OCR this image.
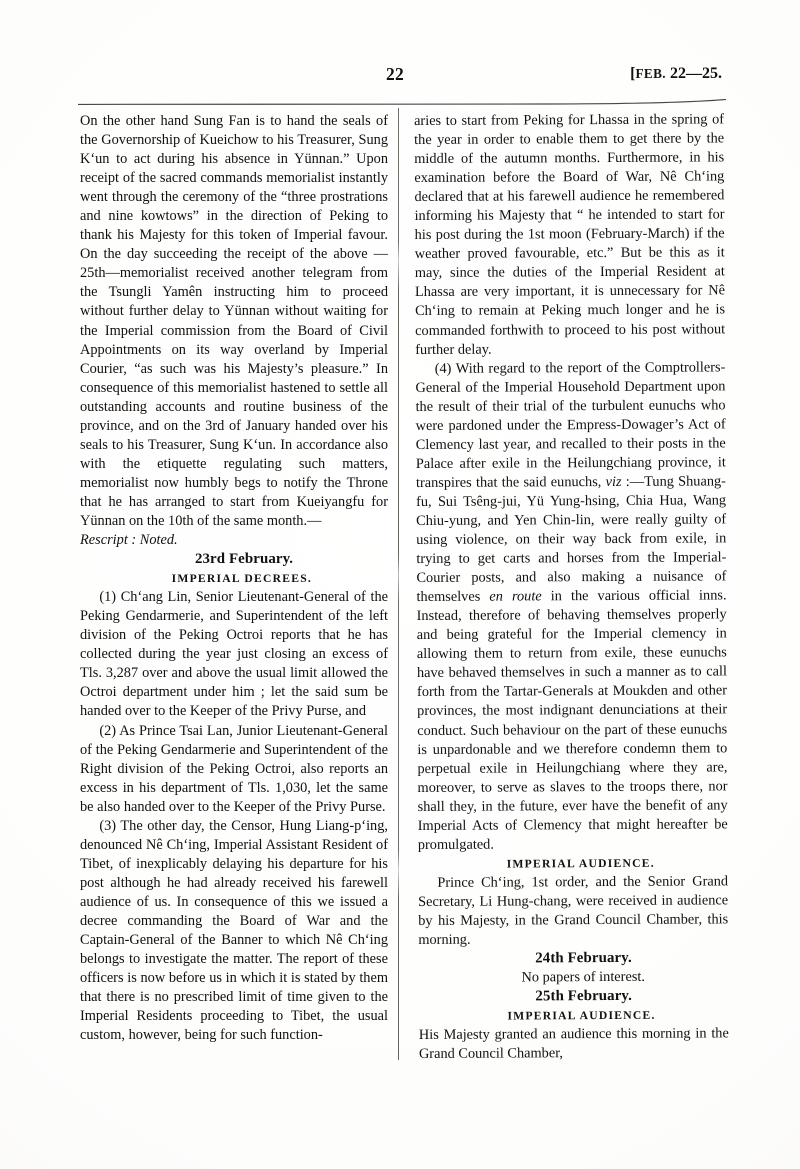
22	[FEB. 22—25.

On the other hand Sung Fan is to hand the seals of the Governorship of Kueichow to his Treasurer, Sung K‘un to act during his absence in Yünnan.” Upon receipt of the sacred commands memorialist instantly went through the ceremony of the “three prostrations and nine kowtows” in the direction of Peking to thank his Majesty for this token of Imperial favour. On the day succeeding the receipt of the above —25th—memorialist received another telegram from the Tsungli Yamên instructing him to proceed without further delay to Yünnan without waiting for the Imperial commission from the Board of Civil Appointments on its way overland by Imperial Courier, “as such was his Majesty’s pleasure.” In consequence of this memorialist hastened to settle all outstanding accounts and routine business of the province, and on the 3rd of January handed over his seals to his Treasurer, Sung K‘un. In accordance also with the etiquette regulating such matters, memorialist now humbly begs to notify the Throne that he has arranged to start from Kueiyangfu for Yünnan on the 10th of the same month.—

Rescript : Noted.

23rd February.

IMPERIAL DECREES.

(1) Ch‘ang Lin, Senior Lieutenant-General of the Peking Gendarmerie, and Superintendent of the left division of the Peking Octroi reports that he has collected during the year just closing an excess of Tls. 3,287 over and above the usual limit allowed the Octroi department under him ; let the said sum be handed over to the Keeper of the Privy Purse, and

(2) As Prince Tsai Lan, Junior Lieutenant-General of the Peking Gendarmerie and Superintendent of the Right division of the Peking Octroi, also reports an excess in his department of Tls. 1,030, let the same be also handed over to the Keeper of the Privy Purse.

(3) The other day, the Censor, Hung Liang-p‘ing, denounced Nê Ch‘ing, Imperial Assistant Resident of Tibet, of inexplicably delaying his departure for his post although he had already received his farewell audience of us. In consequence of this we issued a decree commanding the Board of War and the Captain-General of the Banner to which Nê Ch‘ing belongs to investigate the matter. The report of these officers is now before us in which it is stated by them that there is no prescribed limit of time given to the Imperial Residents proceeding to Tibet, the usual custom, however, being for such function-

aries to start from Peking for Lhassa in the spring of the year in order to enable them to get there by the middle of the autumn months. Furthermore, in his examination before the Board of War, Nê Ch‘ing declared that at his farewell audience he remembered informing his Majesty that “ he intended to start for his post during the 1st moon (February-March) if the weather proved favourable, etc.” But be this as it may, since the duties of the Imperial Resident at Lhassa are very important, it is unnecessary for Nê Ch‘ing to remain at Peking much longer and he is commanded forthwith to proceed to his post without further delay.

(4) With regard to the report of the Comptrollers-General of the Imperial Household Department upon the result of their trial of the turbulent eunuchs who were pardoned under the Empress-Dowager’s Act of Clemency last year, and recalled to their posts in the Palace after exile in the Heilungchiang province, it transpires that the said eunuchs, viz :—Tung Shuang-fu, Sui Tsêng-jui, Yü Yung-hsing, Chia Hua, Wang Chiu-yung, and Yen Chin-lin, were really guilty of using violence, on their way back from exile, in trying to get carts and horses from the Imperial-Courier posts, and also making a nuisance of themselves en route in the various official inns. Instead, therefore of behaving themselves properly and being grateful for the Imperial clemency in allowing them to return from exile, these eunuchs have behaved themselves in such a manner as to call forth from the Tartar-Generals at Moukden and other provinces, the most indignant denunciations at their conduct. Such behaviour on the part of these eunuchs is unpardonable and we therefore condemn them to perpetual exile in Heilungchiang where they are, moreover, to serve as slaves to the troops there, nor shall they, in the future, ever have the benefit of any Imperial Acts of Clemency that might hereafter be promulgated.

IMPERIAL AUDIENCE.

Prince Ch‘ing, 1st order, and the Senior Grand Secretary, Li Hung-chang, were received in audience by his Majesty, in the Grand Council Chamber, this morning.

24th February.

No papers of interest.

25th February.

IMPERIAL AUDIENCE.

His Majesty granted an audience this morning in the Grand Council Chamber,
